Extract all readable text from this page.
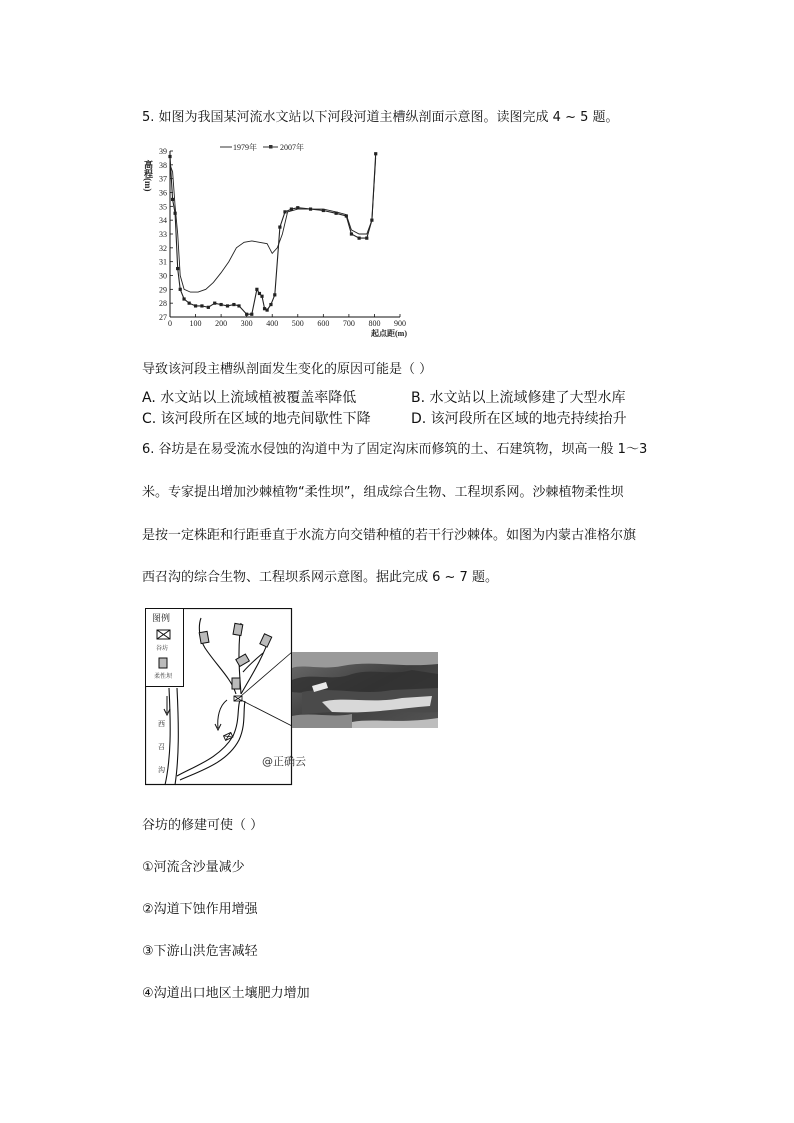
5. 如图为我国某河流水文站以下河段河道主槽纵剖面示意图。读图完成 4 ~ 5 题。
1979年	2007年
高程(m)
27
28
29
30
31
32
33
34
35
36
37
38
39
0 100 200 300 400 500 600 700 800 900
起点距(m)
导致该河段主槽纵剖面发生变化的原因可能是（ ）
A. 水文站以上流域植被覆盖率降低	B. 水文站以上流域修建了大型水库
C. 该河段所在区域的地壳间歇性下降	D. 该河段所在区域的地壳持续抬升
6. 谷坊是在易受流水侵蚀的沟道中为了固定沟床而修筑的土、石建筑物，坝高一般 1～3
米。专家提出增加沙棘植物“柔性坝”，组成综合生物、工程坝系网。沙棘植物柔性坝
是按一定株距和行距垂直于水流方向交错种植的若干行沙棘体。如图为内蒙古准格尔旗
西召沟的综合生物、工程坝系网示意图。据此完成 6 ~ 7 题。
图例
谷坊
柔性坝
西
召
沟
@正确云
谷坊的修建可使（ ）
①河流含沙量减少
②沟道下蚀作用增强
③下游山洪危害减轻
④沟道出口地区土壤肥力增加
